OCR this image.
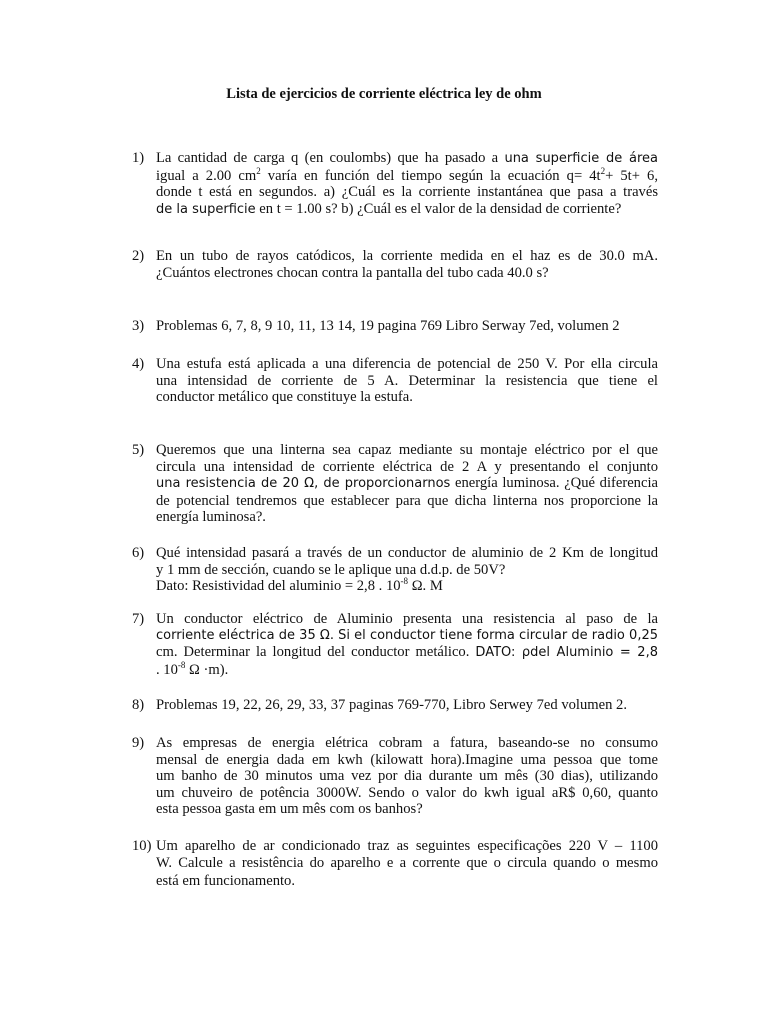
Lista de ejercicios de corriente eléctrica ley de ohm
1) La cantidad de carga q (en coulombs) que ha pasado a una superficie de área
igual a 2.00 $cm^2$ varía en función del tiempo según la ecuación $q= 4t^2+ 5t+ 6$,
donde t está en segundos. a) ¿Cuál es la corriente instantánea que pasa a través
de la superficie en t = 1.00 s? b) ¿Cuál es el valor de la densidad de corriente?
2) En un tubo de rayos catódicos, la corriente medida en el haz es de 30.0 mA.
¿Cuántos electrones chocan contra la pantalla del tubo cada 40.0 s?
3) Problemas 6, 7, 8, 9 10, 11, 13 14, 19 pagina 769 Libro Serway 7ed, volumen 2
4) Una estufa está aplicada a una diferencia de potencial de 250 V. Por ella circula
una intensidad de corriente de 5 A. Determinar la resistencia que tiene el
conductor metálico que constituye la estufa.
5) Queremos que una linterna sea capaz mediante su montaje eléctrico por el que
circula una intensidad de corriente eléctrica de 2 A y presentando el conjunto
una resistencia de 20 Ω, de proporcionarnos energía luminosa. ¿Qué diferencia
de potencial tendremos que establecer para que dicha linterna nos proporcione la
energía luminosa?.
6) Qué intensidad pasará a través de un conductor de aluminio de 2 Km de longitud
y 1 mm de sección, cuando se le aplique una d.d.p. de 50V?
Dato: Resistividad del aluminio = 2,8 . $10^{-8}$ Ω. M
7) Un conductor eléctrico de Aluminio presenta una resistencia al paso de la
corriente eléctrica de 35 Ω. Si el conductor tiene forma circular de radio 0,25
cm. Determinar la longitud del conductor metálico. DATO: ρdel Aluminio = 2,8
. $10^{-8}$ Ω ·m).
8) Problemas 19, 22, 26, 29, 33, 37 paginas 769-770, Libro Serwey 7ed volumen 2.
9) As empresas de energia elétrica cobram a fatura, baseando-se no consumo
mensal de energia dada em kwh (kilowatt hora).Imagine uma pessoa que tome
um banho de 30 minutos uma vez por dia durante um mês (30 dias), utilizando
um chuveiro de potência 3000W. Sendo o valor do kwh igual aR$ 0,60, quanto
esta pessoa gasta em um mês com os banhos?
10) Um aparelho de ar condicionado traz as seguintes especificações 220 V – 1100
W. Calcule a resistência do aparelho e a corrente que o circula quando o mesmo
está em funcionamento.
